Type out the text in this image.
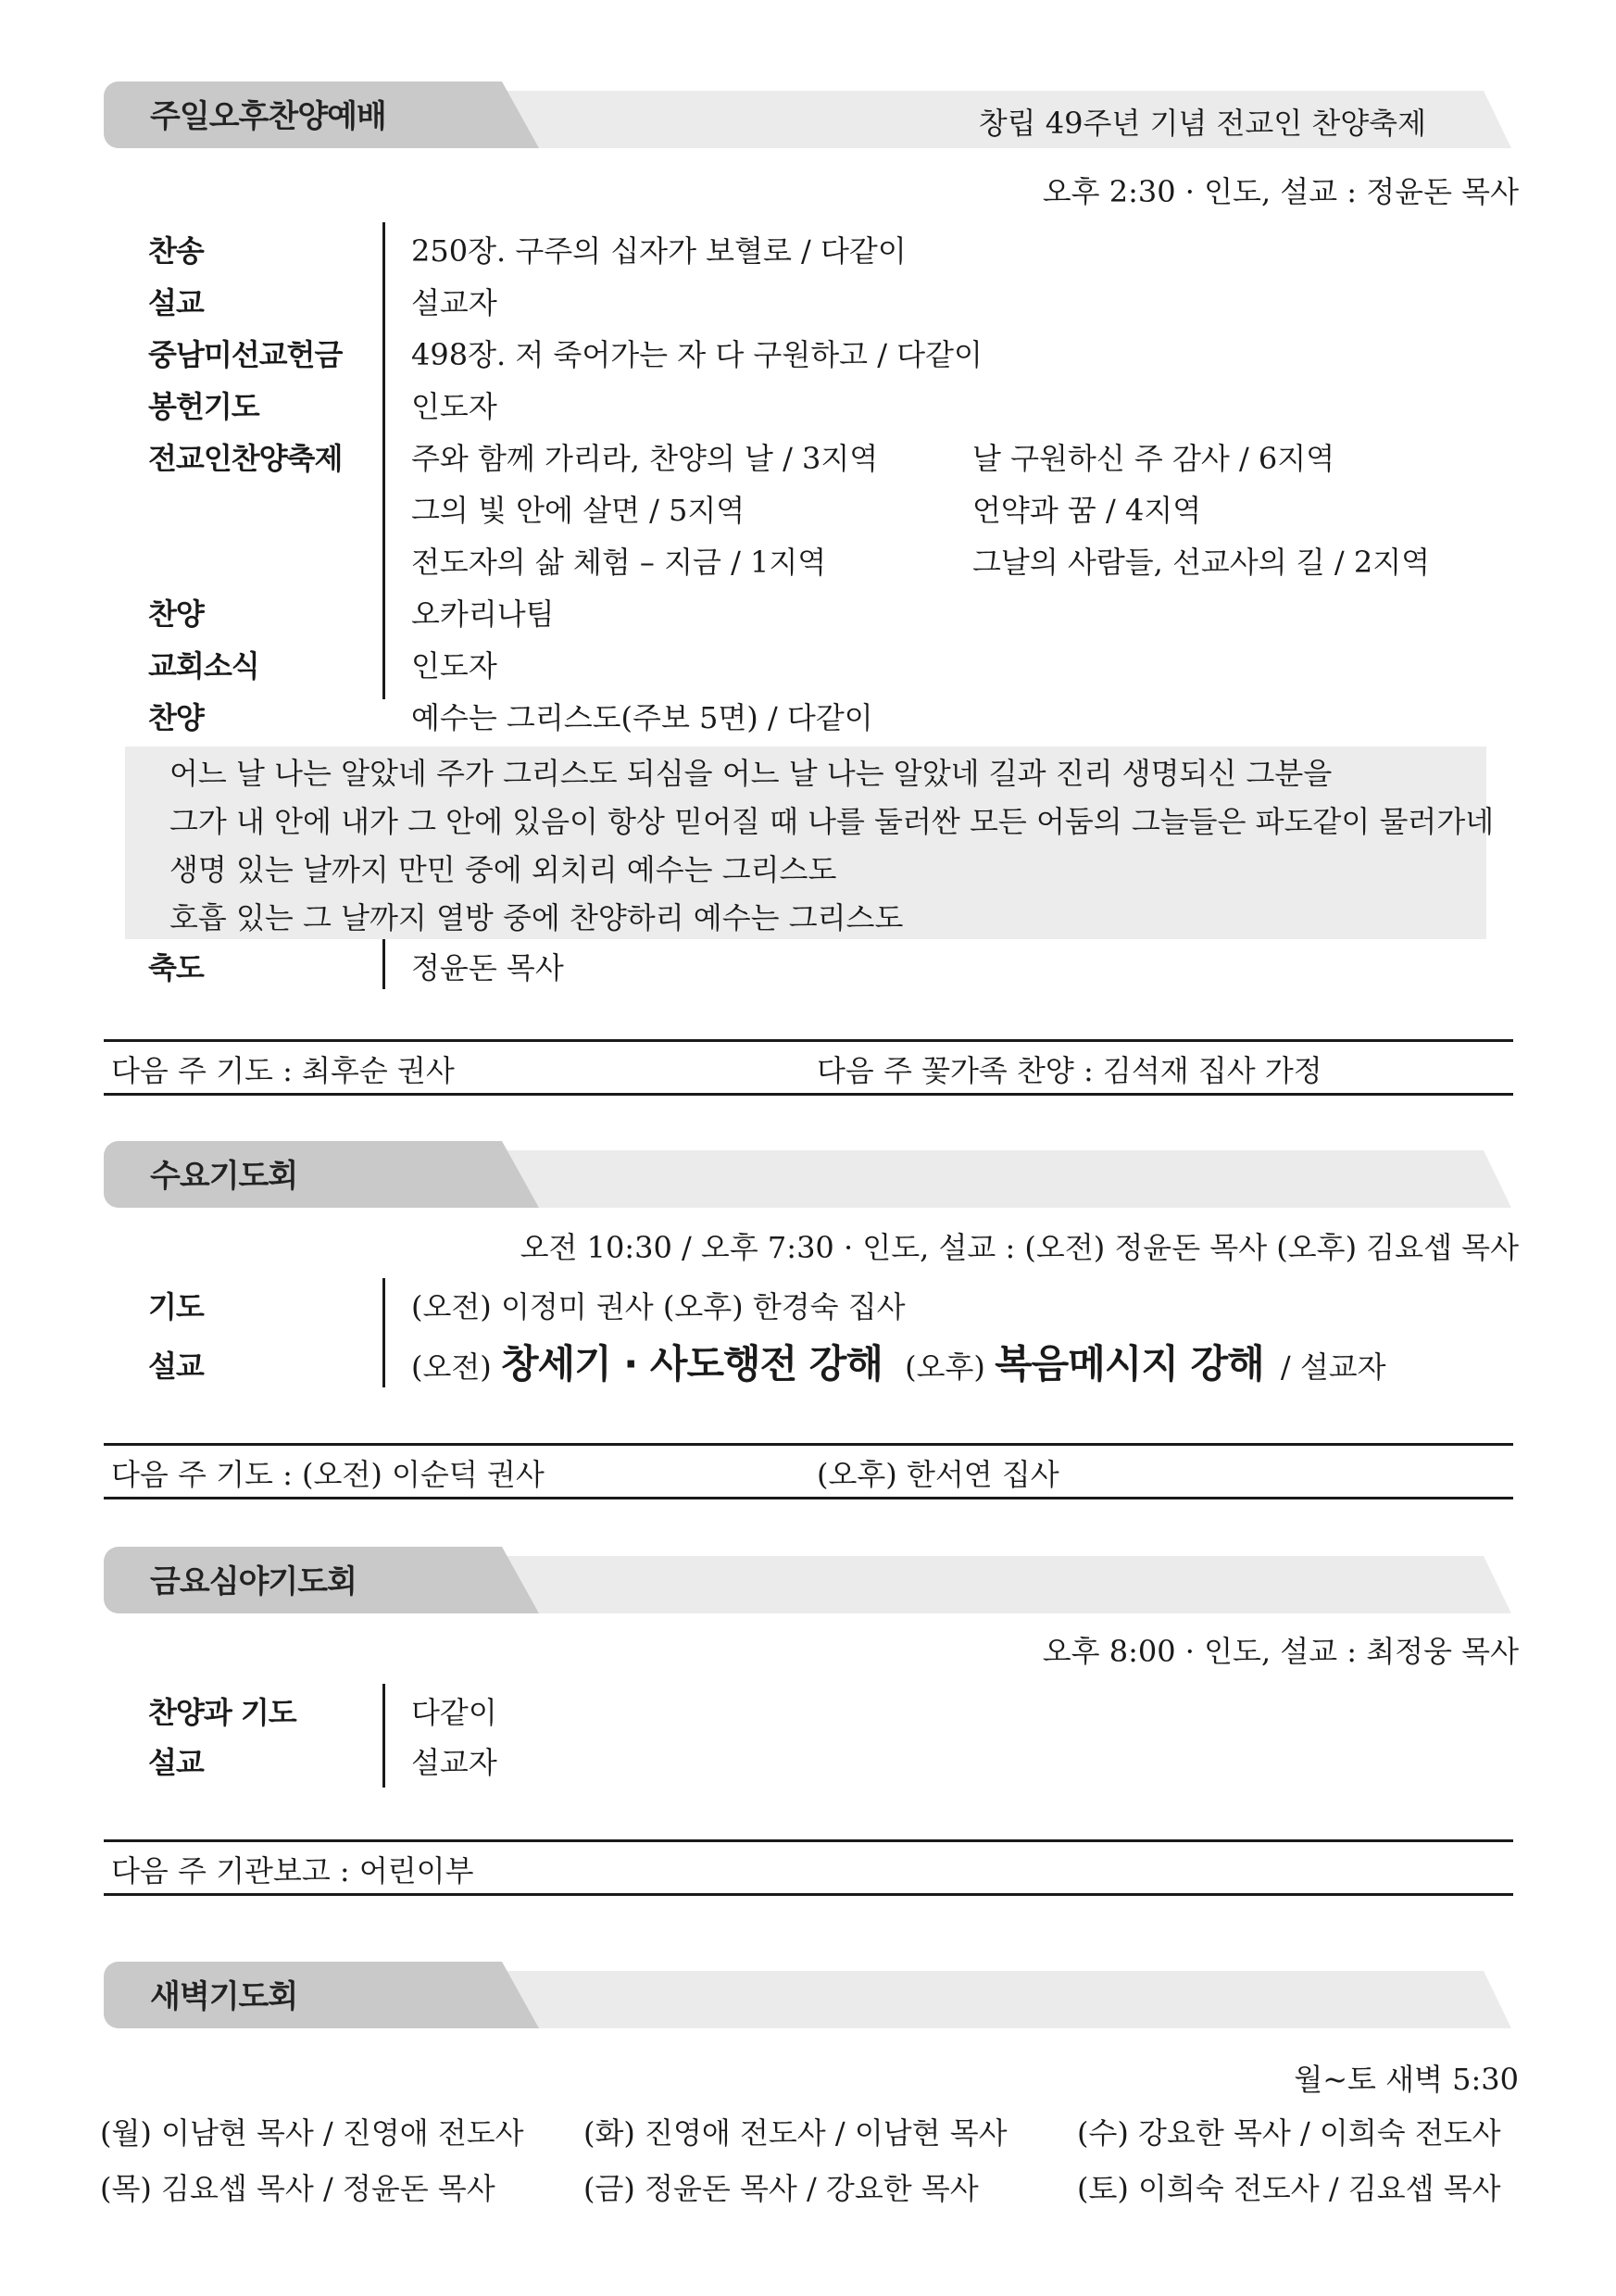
주일오후찬양예배	창립 49주년 기념 전교인 찬양축제
오후 2:30 · 인도, 설교 : 정윤돈 목사
찬송	250장. 구주의 십자가 보혈로 / 다같이
설교	설교자
중남미선교헌금 498장. 저 죽어가는 자 다 구원하고 / 다같이
봉헌기도	인도자
전교인찬양축제 주와 함께 가리라, 찬양의 날 / 3지역	날 구원하신 주 감사 / 6지역
그의 빛 안에 살면 / 5지역	언약과 꿈 / 4지역
전도자의 삶 체험 – 지금 / 1지역	그날의 사람들, 선교사의 길 / 2지역
찬양	오카리나팀
교회소식	인도자
찬양	예수는 그리스도(주보 5면) / 다같이
어느 날 나는 알았네 주가 그리스도 되심을 어느 날 나는 알았네 길과 진리 생명되신 그분을
그가 내 안에 내가 그 안에 있음이 항상 믿어질 때 나를 둘러싼 모든 어둠의 그늘들은 파도같이 물러가네
생명 있는 날까지 만민 중에 외치리 예수는 그리스도
호흡 있는 그 날까지 열방 중에 찬양하리 예수는 그리스도
축도	정윤돈 목사
다음 주 기도 : 최후순 권사	다음 주 꽃가족 찬양 : 김석재 집사 가정
수요기도회
오전 10:30 / 오후 7:30 · 인도, 설교 : (오전) 정윤돈 목사 (오후) 김요셉 목사
기도	(오전) 이정미 권사 (오후) 한경숙 집사
설교	(오전) 창세기 · 사도행전 강해 (오후) 복음메시지 강해 / 설교자
다음 주 기도 : (오전) 이순덕 권사	(오후) 한서연 집사
금요심야기도회
오후 8:00 · 인도, 설교 : 최정웅 목사
찬양과 기도	다같이
설교	설교자
다음 주 기관보고 : 어린이부
새벽기도회
월~토 새벽 5:30
(월) 이남현 목사 / 진영애 전도사 (화) 진영애 전도사 / 이남현 목사 (수) 강요한 목사 / 이희숙 전도사
(목) 김요셉 목사 / 정윤돈 목사	(금) 정윤돈 목사 / 강요한 목사	(토) 이희숙 전도사 / 김요셉 목사
